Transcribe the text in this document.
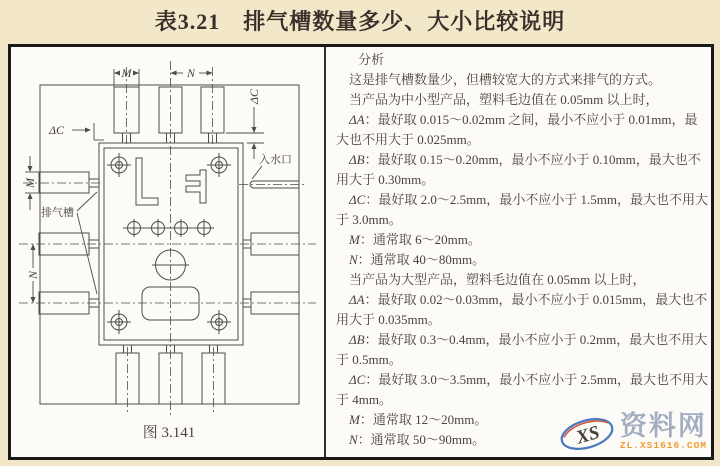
表3.21　排气槽数量多少、大小比较说明
M	N
ΔC
ΔC
M
N
入水口
排气槽
图 3.141
分析

这是排气槽数量少，但槽较宽大的方式来排气的方式。

当产品为中小型产品，塑料毛边值在 0.05mm 以上时，

ΔA：最好取 0.015～0.02mm 之间，最小不应小于 0.01mm，最大也不用大于 0.025mm。

ΔB：最好取 0.15～0.20mm，最小不应小于 0.10mm，最大也不用大于 0.30mm。

ΔC：最好取 2.0～2.5mm，最小不应小于 1.5mm，最大也不用大于 3.0mm。

M：通常取 6～20mm。

N：通常取 40～80mm。

当产品为大型产品，塑料毛边值在 0.05mm 以上时，

ΔA：最好取 0.02～0.03mm，最小不应小于 0.015mm，最大也不用大于 0.035mm。

ΔB：最好取 0.3～0.4mm，最小不应小于 0.2mm，最大也不用大于 0.5mm。

ΔC：最好取 3.0～3.5mm，最小不应小于 2.5mm，最大也不用大于 4mm。

M：通常取 12～20mm。

N：通常取 50～90mm。	XS 资料网
ZL.XS1616.COM
